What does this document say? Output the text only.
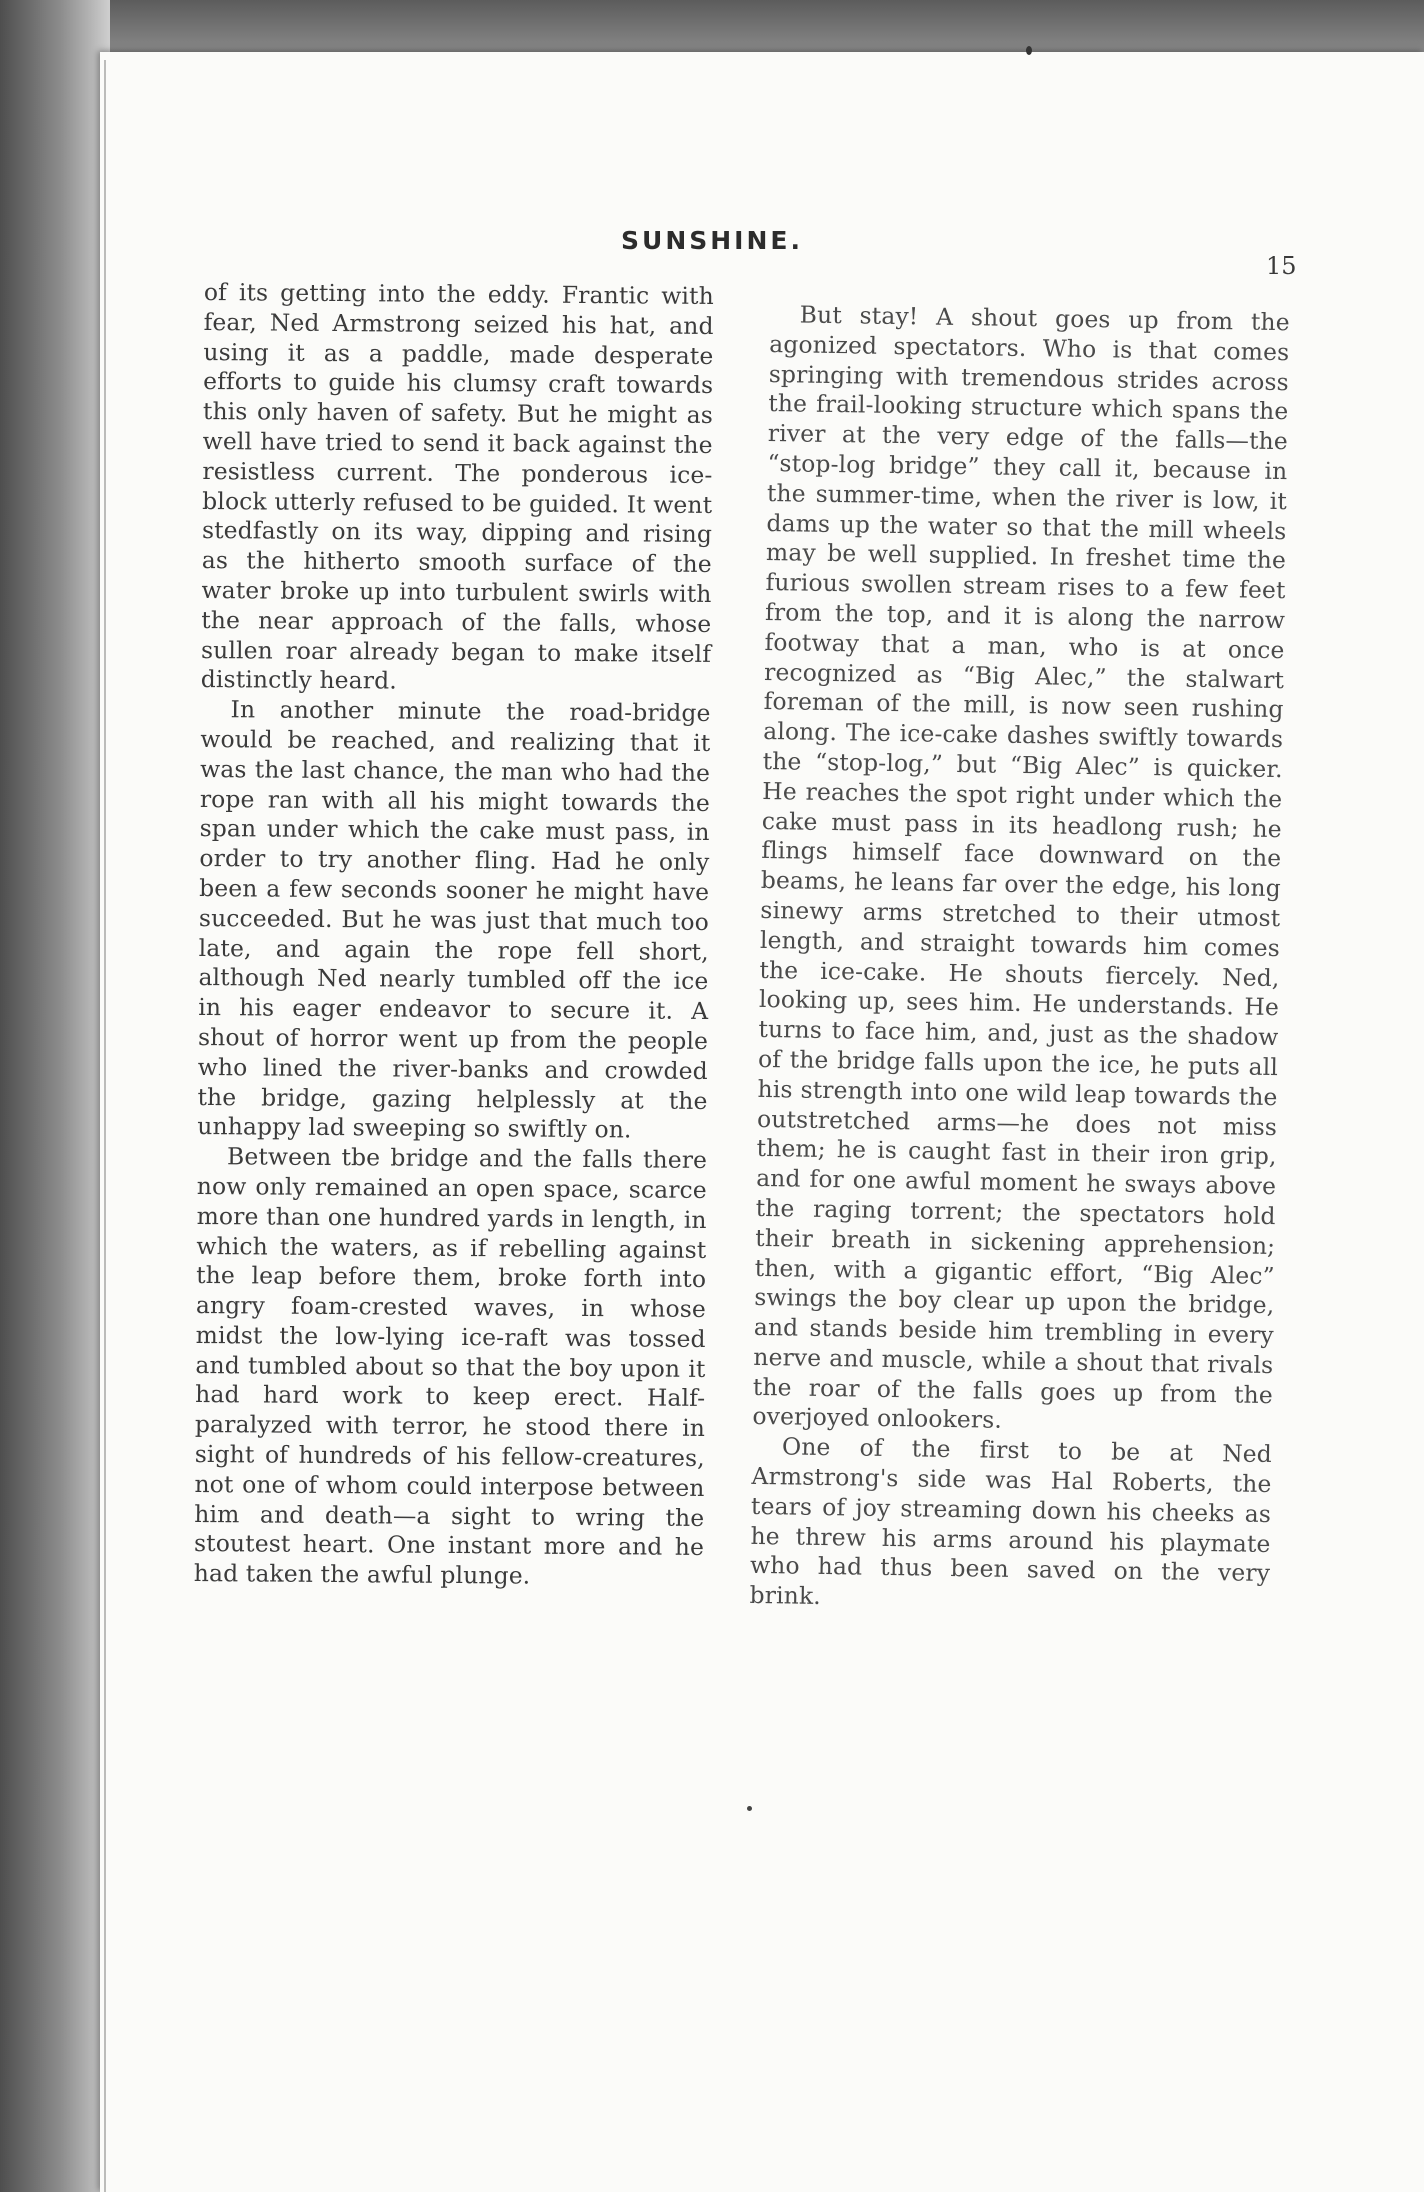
SUNSHINE.
15

of its getting into the eddy. Frantic with fear, Ned Armstrong seized his hat, and using it as a paddle, made desperate efforts to guide his clumsy craft towards this only haven of safety. But he might as well have tried to send it back against the resistless current. The ponderous ice-block utterly refused to be guided. It went stedfastly on its way, dipping and rising as the hitherto smooth surface of the water broke up into turbulent swirls with the near approach of the falls, whose sullen roar already began to make itself distinctly heard.

In another minute the road-bridge would be reached, and realizing that it was the last chance, the man who had the rope ran with all his might towards the span under which the cake must pass, in order to try another fling. Had he only been a few seconds sooner he might have succeeded. But he was just that much too late, and again the rope fell short, although Ned nearly tumbled off the ice in his eager endeavor to secure it. A shout of horror went up from the people who lined the river-banks and crowded the bridge, gazing helplessly at the unhappy lad sweeping so swiftly on.

Between tbe bridge and the falls there now only remained an open space, scarce more than one hundred yards in length, in which the waters, as if rebelling against the leap before them, broke forth into angry foam-crested waves, in whose midst the low-lying ice-raft was tossed and tumbled about so that the boy upon it had hard work to keep erect. Half-paralyzed with terror, he stood there in sight of hundreds of his fellow-creatures, not one of whom could interpose between him and death—a sight to wring the stoutest heart. One instant more and he had taken the awful plunge.

But stay! A shout goes up from the agonized spectators. Who is that comes springing with tremendous strides across the frail-looking structure which spans the river at the very edge of the falls—the “stop-log bridge” they call it, because in the summer-time, when the river is low, it dams up the water so that the mill wheels may be well supplied. In freshet time the furious swollen stream rises to a few feet from the top, and it is along the narrow footway that a man, who is at once recognized as “Big Alec,” the stalwart foreman of the mill, is now seen rushing along. The ice-cake dashes swiftly towards the “stop-log,” but “Big Alec” is quicker. He reaches the spot right under which the cake must pass in its headlong rush; he flings himself face downward on the beams, he leans far over the edge, his long sinewy arms stretched to their utmost length, and straight towards him comes the ice-cake. He shouts fiercely. Ned, looking up, sees him. He understands. He turns to face him, and, just as the shadow of the bridge falls upon the ice, he puts all his strength into one wild leap towards the outstretched arms—he does not miss them; he is caught fast in their iron grip, and for one awful moment he sways above the raging torrent; the spectators hold their breath in sickening apprehension; then, with a gigantic effort, “Big Alec” swings the boy clear up upon the bridge, and stands beside him trembling in every nerve and muscle, while a shout that rivals the roar of the falls goes up from the overjoyed onlookers.

One of the first to be at Ned Armstrong's side was Hal Roberts, the tears of joy streaming down his cheeks as he threw his arms around his playmate who had thus been saved on the very brink.
